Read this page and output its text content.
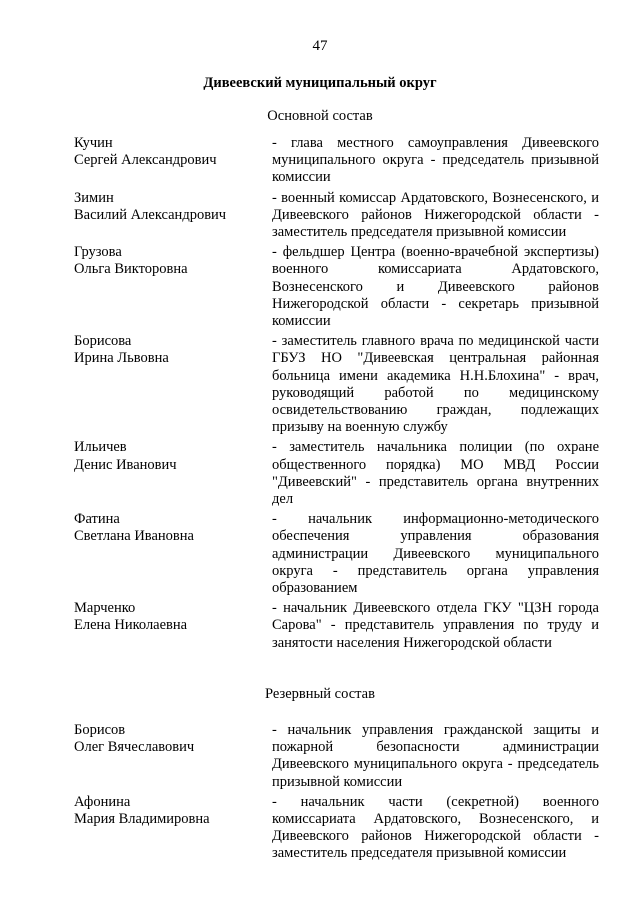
47
Дивеевский муниципальный округ
Основной состав
Кучин
Сергей Александрович
- глава местного самоуправления Дивеевского муниципального округа - председатель призывной комиссии
Зимин
Василий Александрович
- военный комиссар Ардатовского, Вознесенского, и Дивеевского районов Нижегородской области - заместитель председателя призывной комиссии
Грузова
Ольга Викторовна
- фельдшер Центра (военно-врачебной экспертизы) военного комиссариата Ардатовского, Вознесенского и Дивеевского районов Нижегородской области - секретарь призывной комиссии
Борисова
Ирина Львовна
- заместитель главного врача по медицинской части ГБУЗ НО "Дивеевская центральная районная больница имени академика Н.Н.Блохина" - врач, руководящий работой по медицинскому освидетельствованию граждан, подлежащих призыву на военную службу
Ильичев
Денис Иванович
- заместитель начальника полиции (по охране общественного порядка) МО МВД России "Дивеевский" - представитель органа внутренних дел
Фатина
Светлана Ивановна
- начальник информационно-методического обеспечения управления образования администрации Дивеевского муниципального округа - представитель органа управления образованием
Марченко
Елена Николаевна
- начальник Дивеевского отдела ГКУ "ЦЗН города Сарова" - представитель управления по труду и занятости населения Нижегородской области
Резервный состав
Борисов
Олег Вячеславович
- начальник управления гражданской защиты и пожарной безопасности администрации Дивеевского муниципального округа - председатель призывной комиссии
Афонина
Мария Владимировна
- начальник части (секретной) военного комиссариата Ардатовского, Вознесенского, и Дивеевского районов Нижегородской области - заместитель председателя призывной комиссии
